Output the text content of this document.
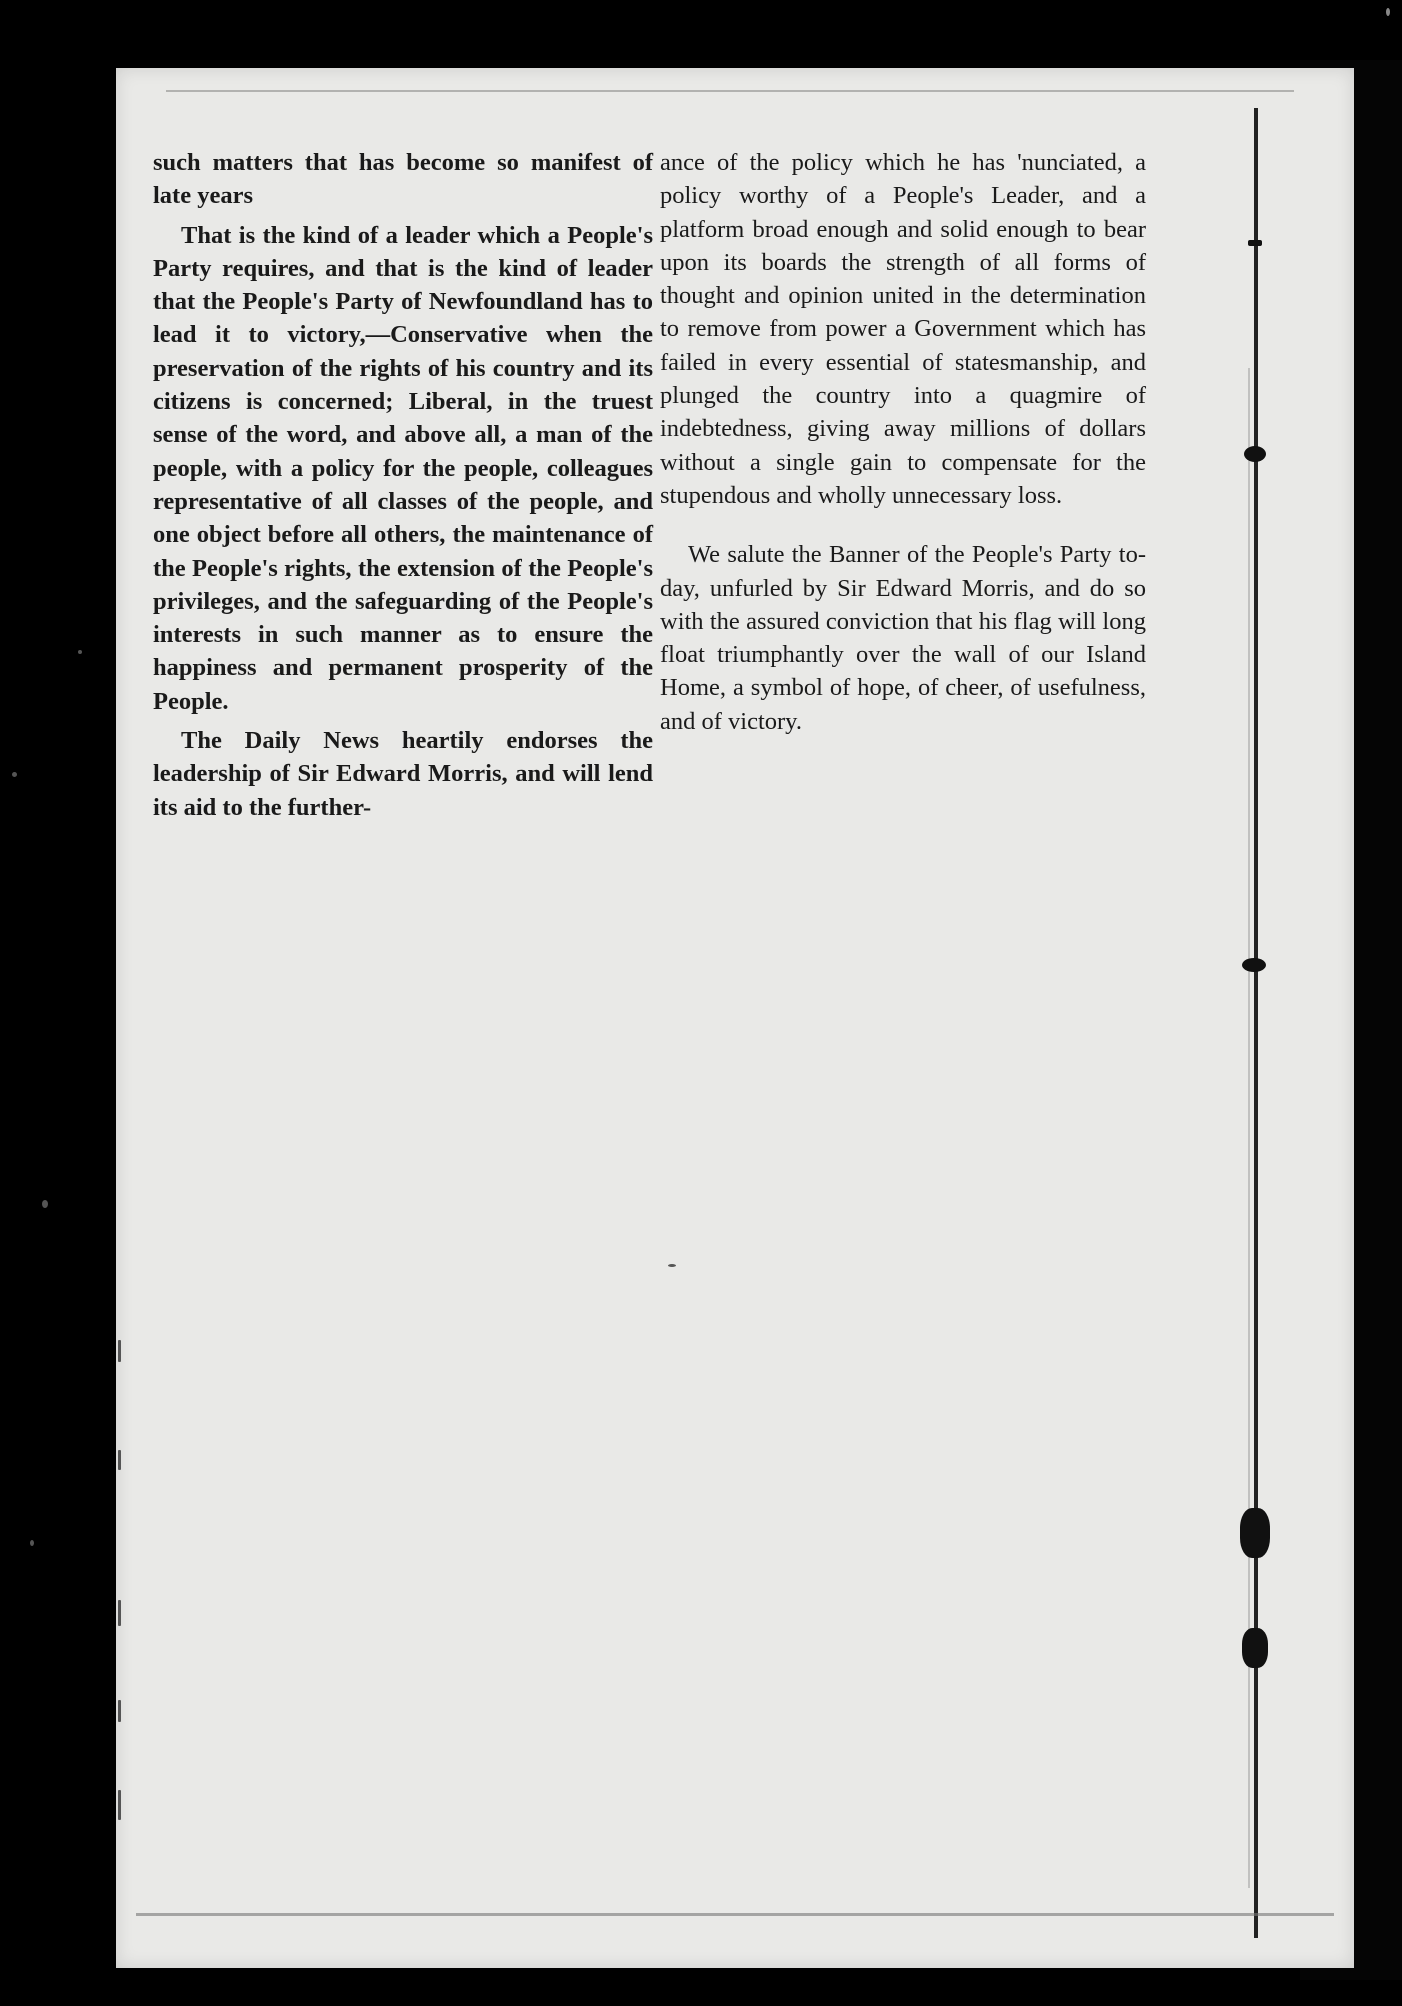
such matters that has become so manifest of late years

That is the kind of a leader which a People's Party requires, and that is the kind of leader that the People's Party of Newfoundland has to lead it to victory,—Conservative when the preservation of the rights of his country and its citizens is concerned; Liberal, in the truest sense of the word, and above all, a man of the people, with a policy for the people, colleagues representative of all classes of the people, and one object before all others, the maintenance of the People's rights, the extension of the People's privileges, and the safeguarding of the People's interests in such manner as to ensure the happiness and permanent prosperity of the People.

The Daily News heartily endorses the leadership of Sir Edward Morris, and will lend its aid to the further-

ance of the policy which he has 'nunciated, a policy worthy of a People's Leader, and a platform broad enough and solid enough to bear upon its boards the strength of all forms of thought and opinion united in the determination to remove from power a Government which has failed in every essential of statesmanship, and plunged the country into a quagmire of indebtedness, giving away millions of dollars without a single gain to compensate for the stupendous and wholly unnecessary loss.

We salute the Banner of the People's Party to-day, unfurled by Sir Edward Morris, and do so with the assured conviction that his flag will long float triumphantly over the wall of our Island Home, a symbol of hope, of cheer, of usefulness, and of victory.
